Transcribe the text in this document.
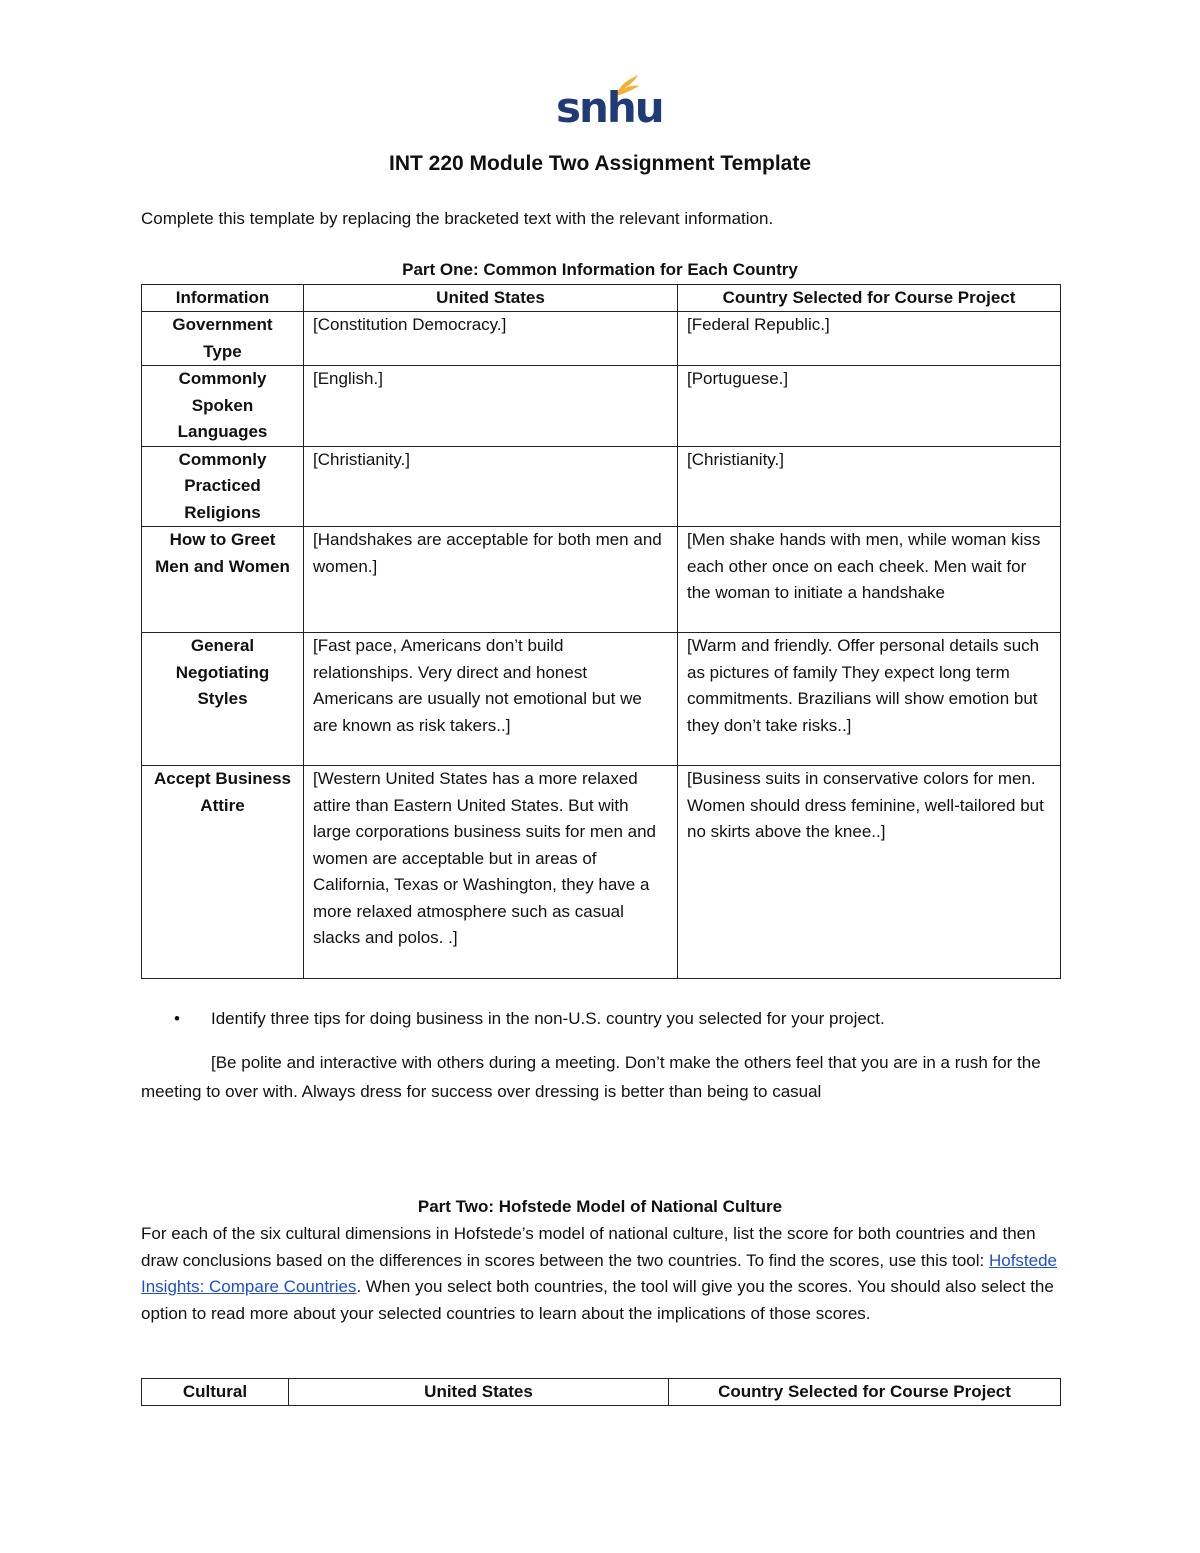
snhu
INT 220 Module Two Assignment Template
Complete this template by replacing the bracketed text with the relevant information.
Part One: Common Information for Each Country
Information	United States	Country Selected for Course Project
Government Type	[Constitution Democracy.]	[Federal Republic.]
Commonly Spoken Languages	[English.]	[Portuguese.]
Commonly Practiced Religions	[Christianity.]	[Christianity.]
How to Greet Men and Women	[Handshakes are acceptable for both men and women.]	[Men shake hands with men, while woman kiss each other once on each cheek. Men wait for the woman to initiate a handshake
General Negotiating Styles	[Fast pace, Americans don’t build relationships. Very direct and honest Americans are usually not emotional but we are known as risk takers..]	[Warm and friendly. Offer personal details such as pictures of family They expect long term commitments. Brazilians will show emotion but they don’t take risks..]
Accept Business Attire	[Western United States has a more relaxed attire than Eastern United States. But with large corporations business suits for men and women are acceptable but in areas of California, Texas or Washington, they have a more relaxed atmosphere such as casual slacks and polos. .]	[Business suits in conservative colors for men. Women should dress feminine, well-tailored but no skirts above the knee..]
• Identify three tips for doing business in the non-U.S. country you selected for your project.
[Be polite and interactive with others during a meeting. Don’t make the others feel that you are in a rush for the meeting to over with. Always dress for success over dressing is better than being to casual
Part Two: Hofstede Model of National Culture
For each of the six cultural dimensions in Hofstede’s model of national culture, list the score for both countries and then draw conclusions based on the differences in scores between the two countries. To find the scores, use this tool: Hofstede Insights: Compare Countries. When you select both countries, the tool will give you the scores. You should also select the option to read more about your selected countries to learn about the implications of those scores.
Cultural	United States	Country Selected for Course Project
